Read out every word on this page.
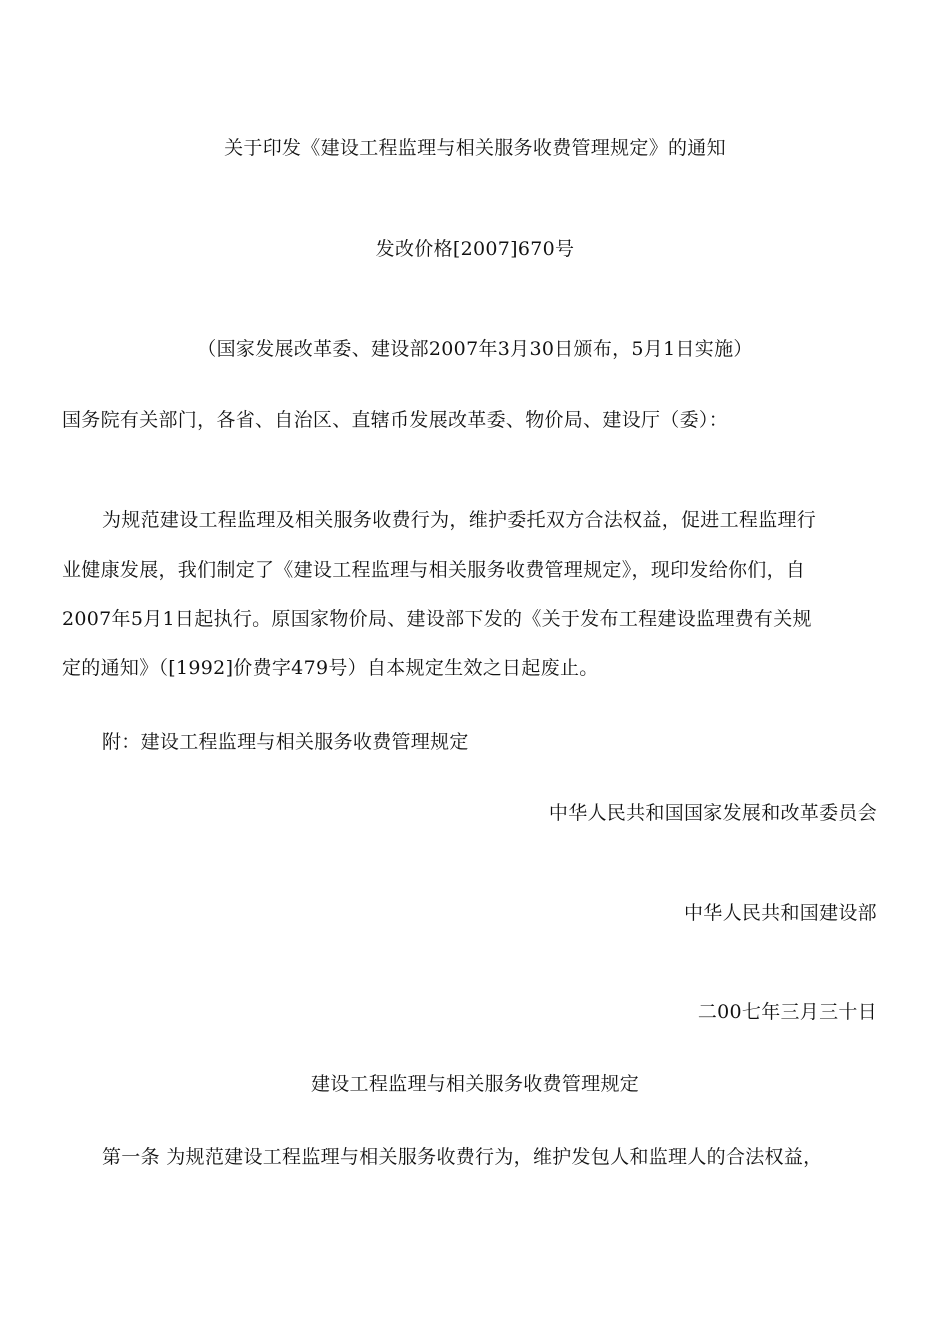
关于印发《建设工程监理与相关服务收费管理规定》的通知
发改价格[2007]670号
（国家发展改革委、建设部2007年3月30日颁布，5月1日实施）
国务院有关部门，各省、自治区、直辖币发展改革委、物价局、建设厅（委）：
为规范建设工程监理及相关服务收费行为，维护委托双方合法权益，促进工程监理行
业健康发展，我们制定了《建设工程监理与相关服务收费管理规定》，现印发给你们，自
2007年5月1日起执行。原国家物价局、建设部下发的《关于发布工程建设监理费有关规
定的通知》（[1992]价费字479号）自本规定生效之日起废止。
附：建设工程监理与相关服务收费管理规定
中华人民共和国国家发展和改革委员会
中华人民共和国建设部
二00七年三月三十日
建设工程监理与相关服务收费管理规定
第一条 为规范建设工程监理与相关服务收费行为，维护发包人和监理人的合法权益，
